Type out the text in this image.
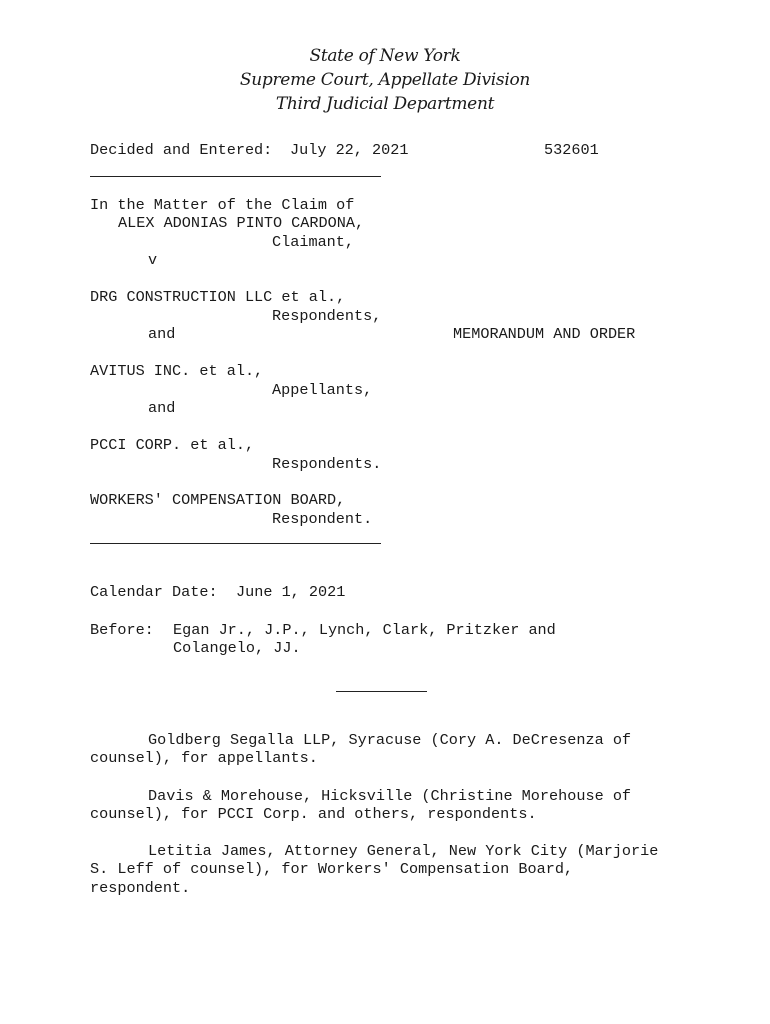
State of New York
Supreme Court, Appellate Division
Third Judicial Department
Decided and Entered: July 22, 2021	532601
In the Matter of the Claim of
ALEX ADONIAS PINTO CARDONA,
Claimant,
v
DRG CONSTRUCTION LLC et al.,
Respondents,
and	MEMORANDUM AND ORDER
AVITUS INC. et al.,
Appellants,
and
PCCI CORP. et al.,
Respondents.
WORKERS' COMPENSATION BOARD,
Respondent.
Calendar Date: June 1, 2021
Before: Egan Jr., J.P., Lynch, Clark, Pritzker and
Colangelo, JJ.
Goldberg Segalla LLP, Syracuse (Cory A. DeCresenza of
counsel), for appellants.
Davis & Morehouse, Hicksville (Christine Morehouse of
counsel), for PCCI Corp. and others, respondents.
Letitia James, Attorney General, New York City (Marjorie
S. Leff of counsel), for Workers' Compensation Board,
respondent.
